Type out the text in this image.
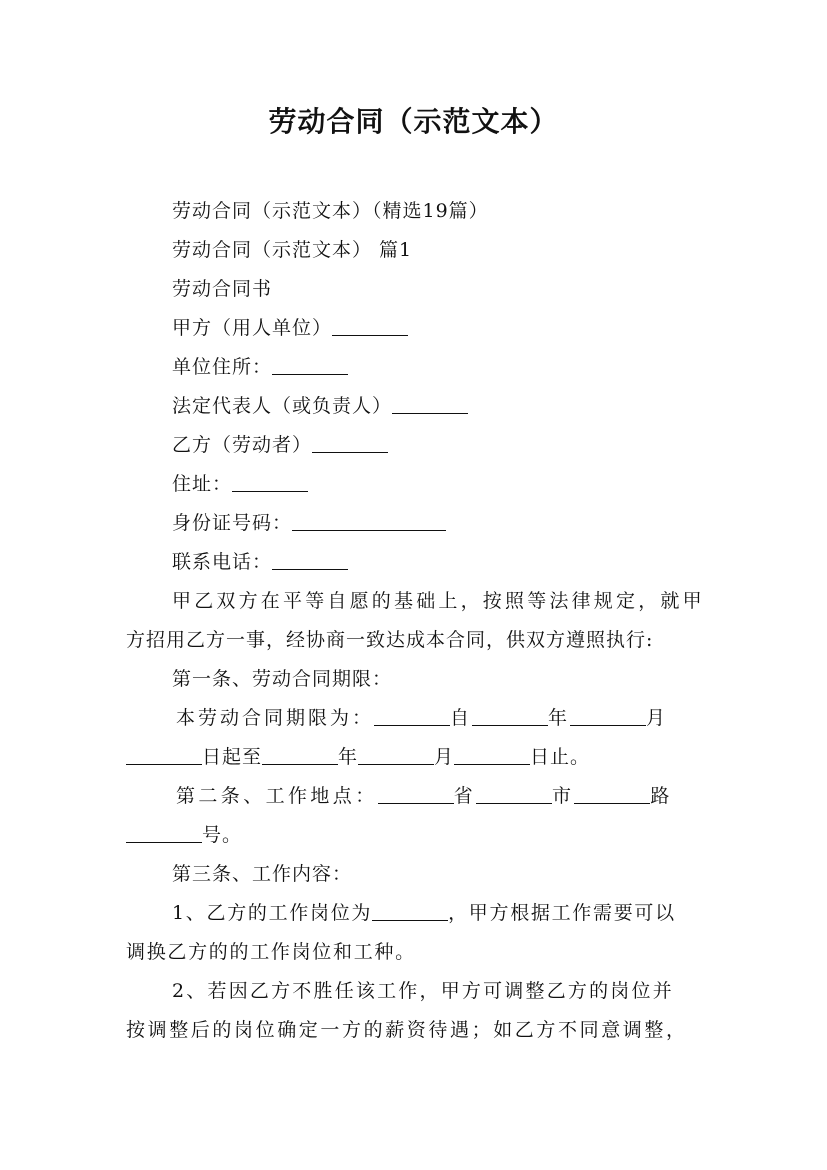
劳动合同（示范文本）
劳动合同（示范文本）（精选19篇）
劳动合同（示范文本） 篇1
劳动合同书
甲方（用人单位）
单位住所：
法定代表人（或负责人）
乙方（劳动者）
住址：
身份证号码：
联系电话：
甲乙双方在平等自愿的基础上，按照等法律规定，就甲
方招用乙方一事，经协商一致达成本合同，供双方遵照执行:
第一条、劳动合同期限：
本劳动合同期限为：	自	年	月
日起至	年	月	日止。
第二条、工作地点：	省	市	路
号。
第三条、工作内容：
1、乙方的工作岗位为	，甲方根据工作需要可以
调换乙方的的工作岗位和工种。
2、若因乙方不胜任该工作，甲方可调整乙方的岗位并
按调整后的岗位确定一方的薪资待遇；如乙方不同意调整，
